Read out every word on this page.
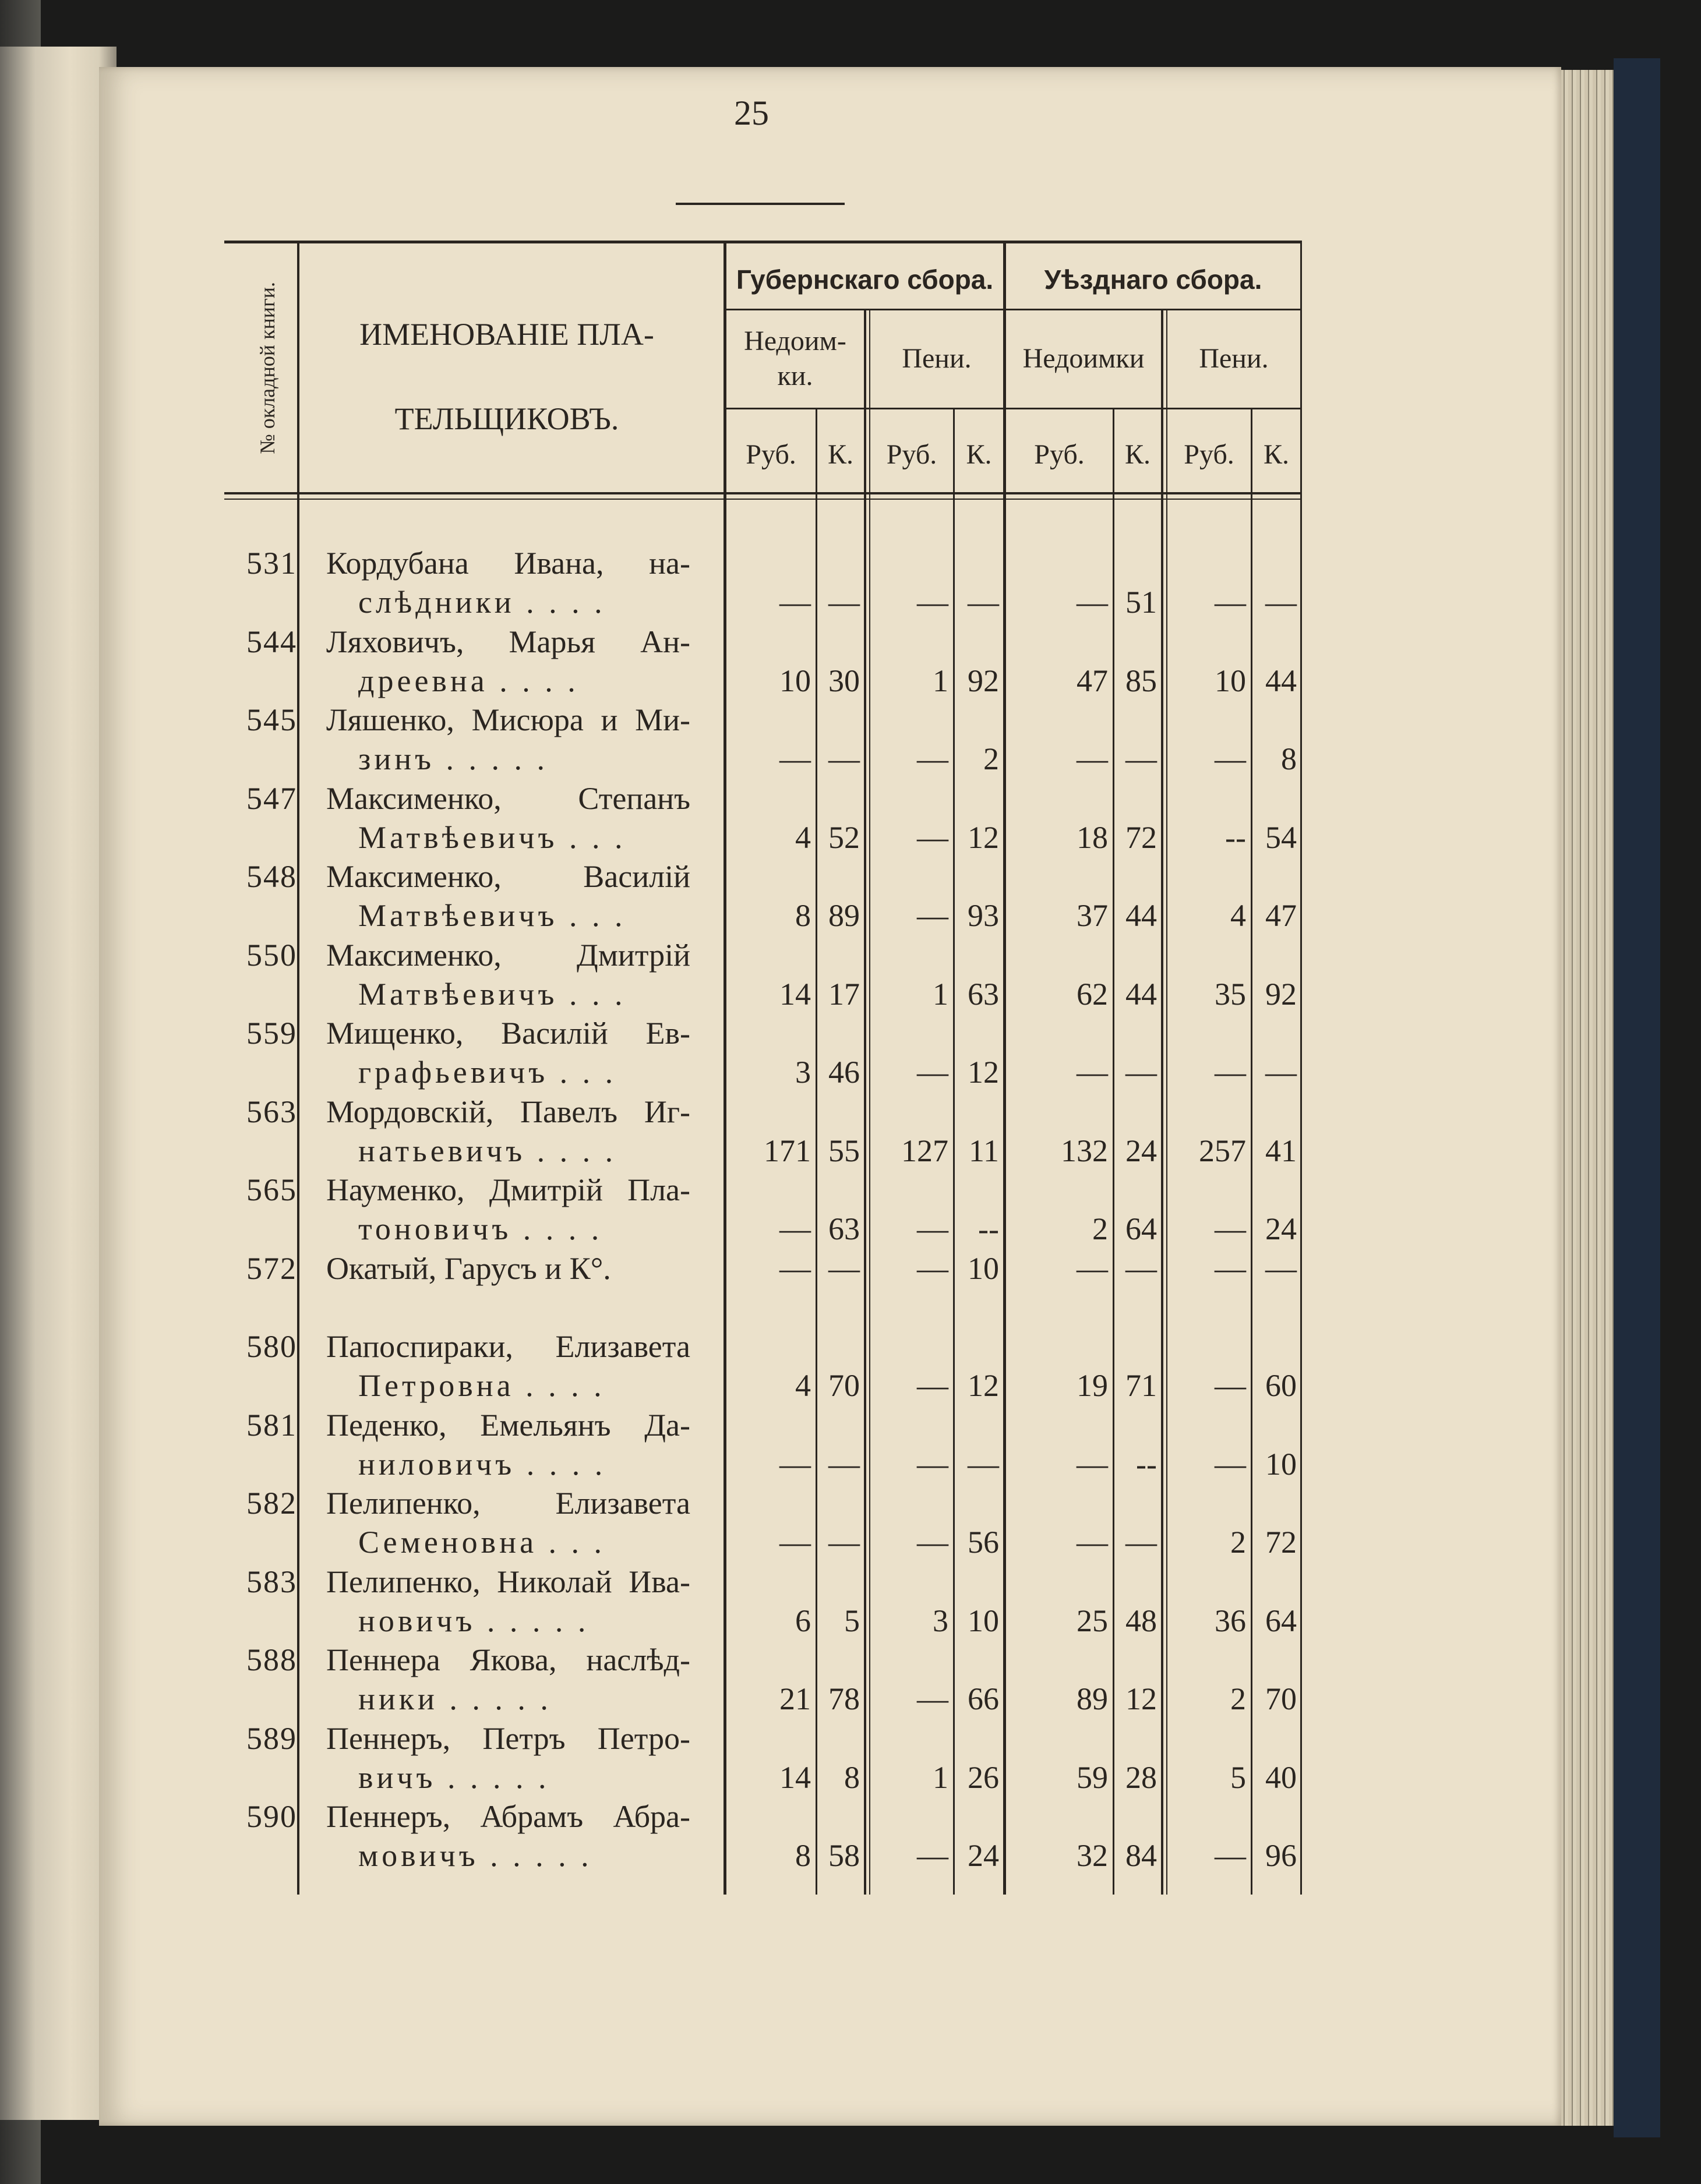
25
№ окладной книги.	ИМЕНОВАНІЕ ПЛА-
ТЕЛЬЩИКОВЪ.
Губернскаго сбора.	Уѣзднаго сбора.
Недоим-
ки.
Пени.	Недоимки	Пени.
Руб.	К.	Руб.	К.	Руб.	К.	Руб.	К.
531 Кордубана Ивана, на-
слѣдники . . . .	— —	— —	— 51	— —
544 Ляховичъ, Марья Ан-
дреевна . . . .	10 30	1 92	47 85	10 44
545 Ляшенко, Мисюра и Ми-
зинъ . . . . .	— —	—	2	— —	—	8
547 Максименко, Степанъ
Матвѣевичъ . . .	4 52	— 12	18 72	-- 54
548 Максименко, Василій
Матвѣевичъ . . .	8 89	— 93	37 44	4 47
550 Максименко, Дмитрій
Матвѣевичъ . . .	14 17	1 63	62 44	35 92
559 Мищенко, Василій Ев-
графьевичъ . . .	3 46	— 12	— —	— —
563 Мордовскій, Павелъ Иг-
натьевичъ . . . .	171 55	127 11	132 24	257 41
565 Науменко, Дмитрій Пла-
тоновичъ . . . .	— 63	— --	2 64	— 24
572 Окатый, Гарусъ и К°.	— —	— 10	— —	— —
580 Папоспираки, Елизавета
Петровна . . . .	4 70	— 12	19 71	— 60
581 Педенко, Емельянъ Да-
ниловичъ . . . .	— —	— —	— --	— 10
582 Пелипенко, Елизавета
Семеновна . . .	— —	— 56	— —	2 72
583 Пелипенко, Николай Ива-
новичъ . . . . .	6	5	3 10	25 48	36 64
588 Пеннера Якова, наслѣд-
ники . . . . .	21 78	— 66	89 12	2 70
589 Пеннеръ, Петръ Петро-
вичъ . . . . .	14	8	1 26	59 28	5 40
590 Пеннеръ, Абрамъ Абра-
мовичъ . . . . .	8 58	— 24	32 84	— 96
